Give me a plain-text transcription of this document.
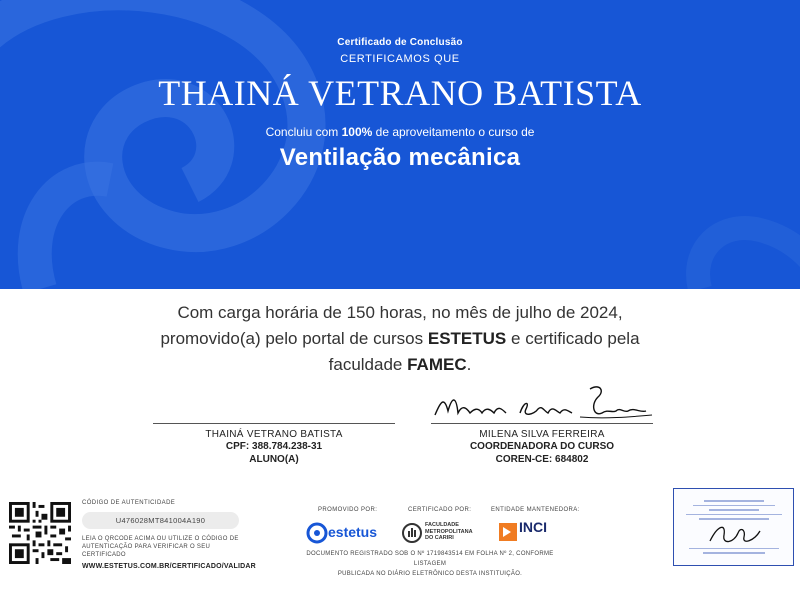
Certificado de Conclusão
CERTIFICAMOS QUE
THAINÁ VETRANO BATISTA
Concluiu com 100% de aproveitamento o curso de
Ventilação mecânica
Com carga horária de 150 horas, no mês de julho de 2024,
promovido(a) pelo portal de cursos ESTETUS e certificado pela
faculdade FAMEC.
THAINÁ VETRANO BATISTA
CPF: 388.784.238-31
ALUNO(A)
MILENA SILVA FERREIRA
COORDENADORA DO CURSO
COREN-CE: 684802
CÓDIGO DE AUTENTICIDADE
U476028MT841004A190
LEIA O QRCODE ACIMA OU UTILIZE O CÓDIGO DE AUTENTICAÇÃO PARA VERIFICAR O SEU CERTIFICADO
WWW.ESTETUS.COM.BR/CERTIFICADO/VALIDAR
PROMOVIDO POR:	CERTIFICADO POR:	ENTIDADE MANTENEDORA:
estetus	FACULDADE METROPOLITANA DO CARIRI
INCI
DOCUMENTO REGISTRADO SOB O Nº 1719843514 EM FOLHA Nº 2, CONFORME LISTAGEM
PUBLICADA NO DIÁRIO ELETRÔNICO DESTA INSTITUIÇÃO.
